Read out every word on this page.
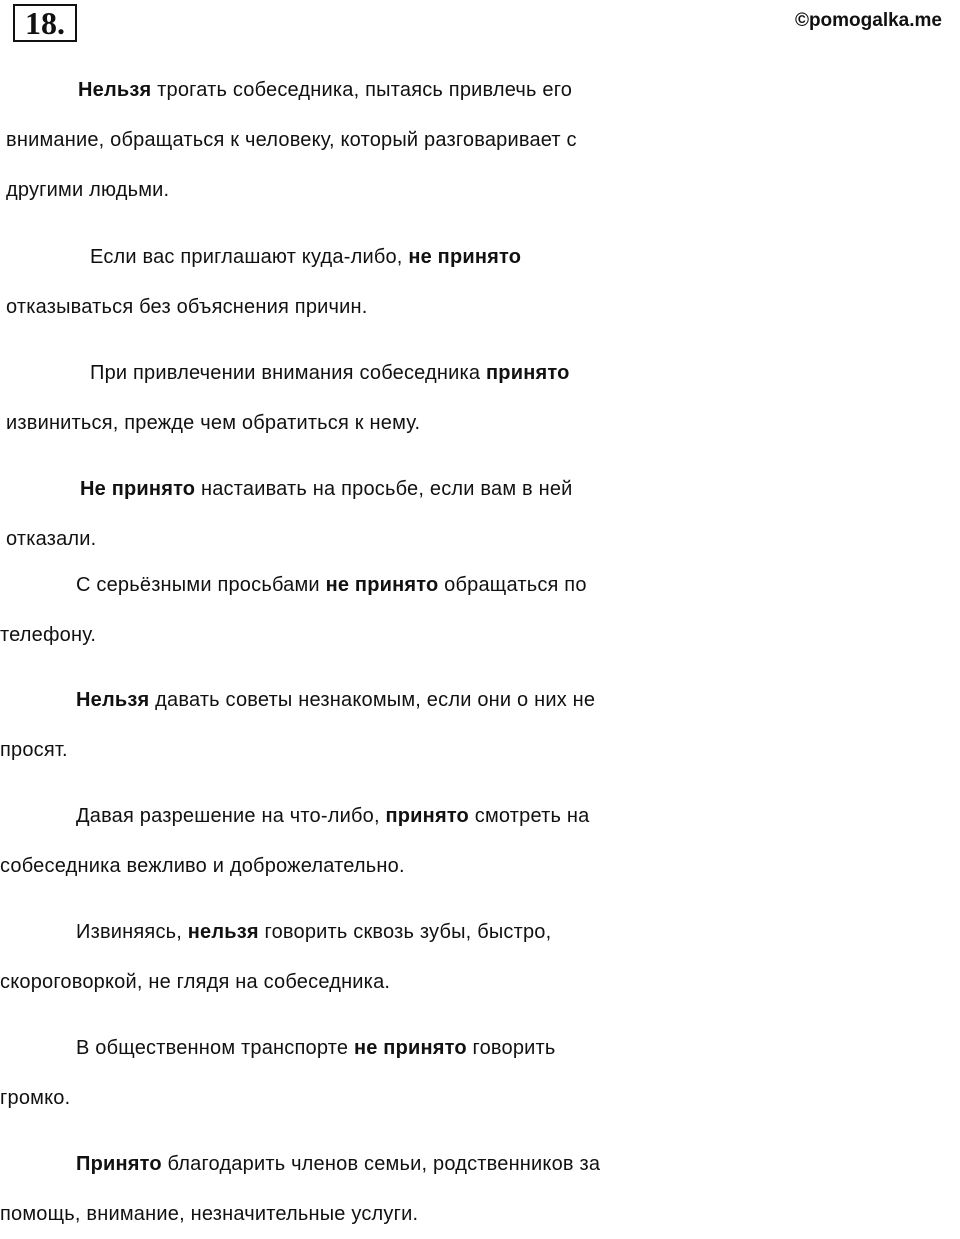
18.	©pomogalka.me

Нельзя трогать собеседника, пытаясь привлечь его
внимание, обращаться к человеку, который разговаривает с
другими людьми.

Если вас приглашают куда-либо, не принято
отказываться без объяснения причин.

При привлечении внимания собеседника принято
извиниться, прежде чем обратиться к нему.

Не принято настаивать на просьбе, если вам в ней
отказали.

С серьёзными просьбами не принято обращаться по
телефону.

Нельзя давать советы незнакомым, если они о них не
просят.

Давая разрешение на что-либо, принято смотреть на
собеседника вежливо и доброжелательно.

Извиняясь, нельзя говорить сквозь зубы, быстро,
скороговоркой, не глядя на собеседника.

В общественном транспорте не принято говорить
громко.

Принято благодарить членов семьи, родственников за
помощь, внимание, незначительные услуги.
